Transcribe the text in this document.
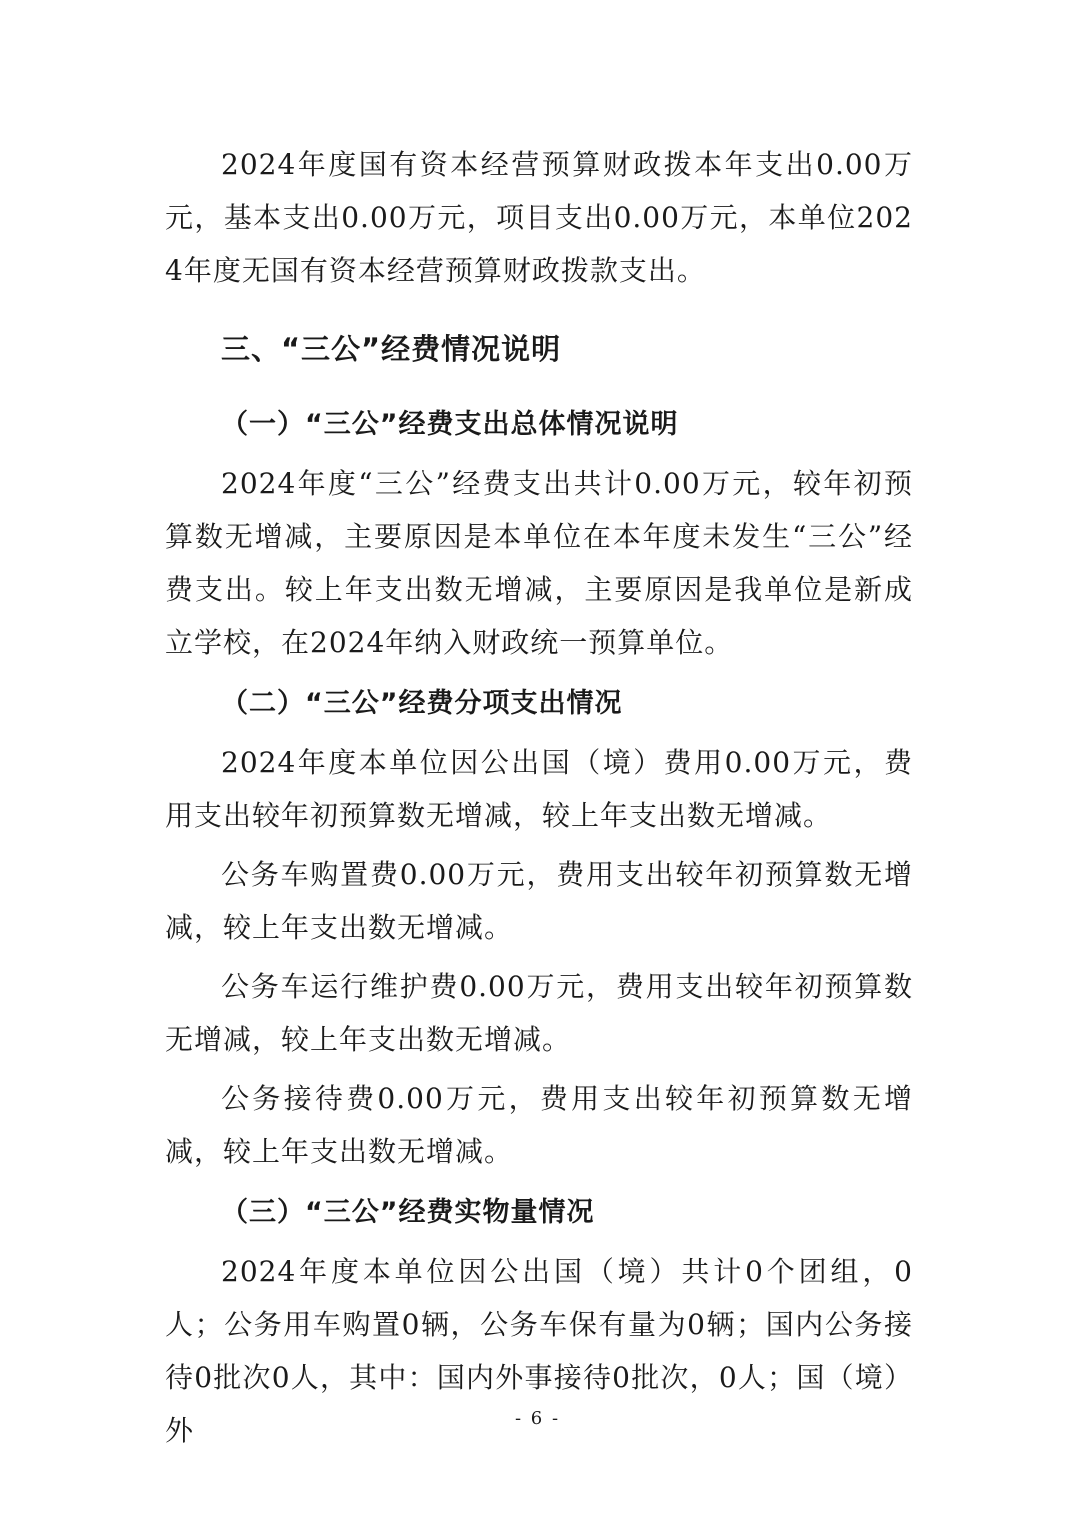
2024年度国有资本经营预算财政拨本年支出0.00万元，基本支出0.00万元，项目支出0.00万元，本单位2024年度无国有资本经营预算财政拨款支出。

三、“三公”经费情况说明

（一）“三公”经费支出总体情况说明

2024年度“三公”经费支出共计0.00万元，较年初预算数无增减，主要原因是本单位在本年度未发生“三公”经费支出。较上年支出数无增减，主要原因是我单位是新成立学校，在2024年纳入财政统一预算单位。

（二）“三公”经费分项支出情况

2024年度本单位因公出国（境）费用0.00万元，费用支出较年初预算数无增减，较上年支出数无增减。

公务车购置费0.00万元，费用支出较年初预算数无增减，较上年支出数无增减。

公务车运行维护费0.00万元，费用支出较年初预算数无增减，较上年支出数无增减。

公务接待费0.00万元，费用支出较年初预算数无增减，较上年支出数无增减。

（三）“三公”经费实物量情况

2024年度本单位因公出国（境）共计0个团组，0人；公务用车购置0辆，公务车保有量为0辆；国内公务接待0批次0人，其中：国内外事接待0批次，0人；国（境）外	- 6 -
